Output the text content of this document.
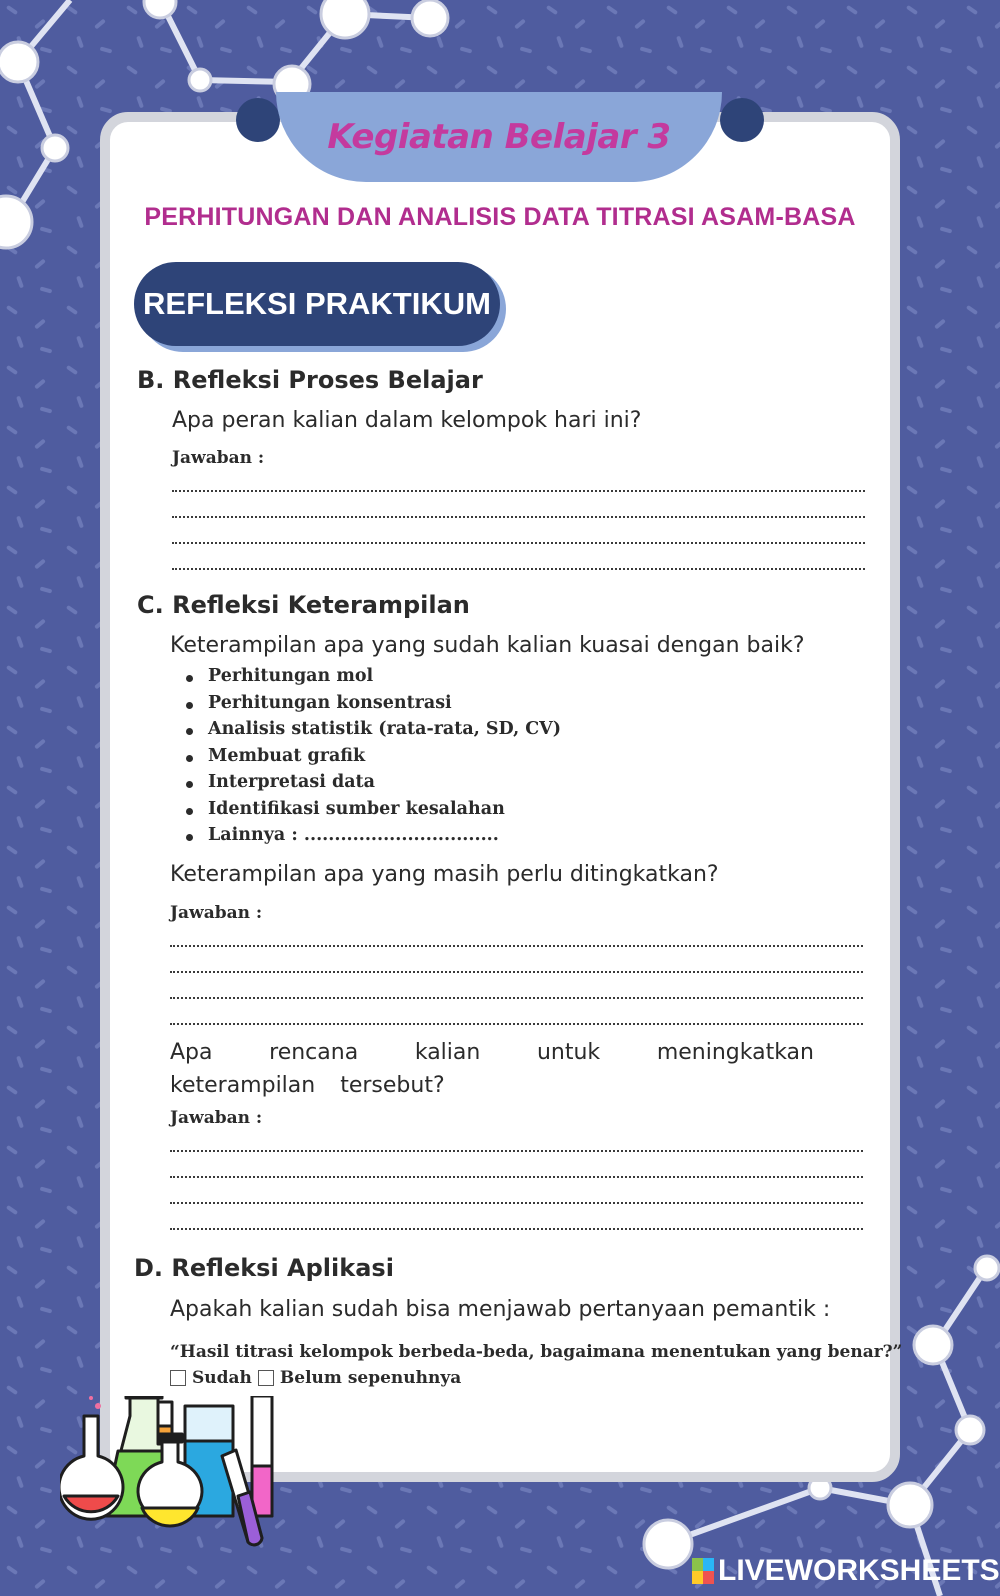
Kegiatan Belajar 3
PERHITUNGAN DAN ANALISIS DATA TITRASI ASAM-BASA
REFLEKSI PRAKTIKUM
B. Refleksi Proses Belajar
Apa peran kalian dalam kelompok hari ini?
Jawaban :
C. Refleksi Keterampilan
Keterampilan apa yang sudah kalian kuasai dengan baik?
Perhitungan mol
Perhitungan konsentrasi
Analisis statistik (rata-rata, SD, CV)
Membuat grafik
Interpretasi data
Identifikasi sumber kesalahan
Lainnya : ................................
Keterampilan apa yang masih perlu ditingkatkan?
Jawaban :
Apa rencana kalian untuk meningkatkan keterampilan tersebut?
Jawaban :
D. Refleksi Aplikasi
Apakah kalian sudah bisa menjawab pertanyaan pemantik :
“Hasil titrasi kelompok berbeda-beda, bagaimana menentukan yang benar?”
Sudah Belum sepenuhnya
LIVEWORKSHEETS
